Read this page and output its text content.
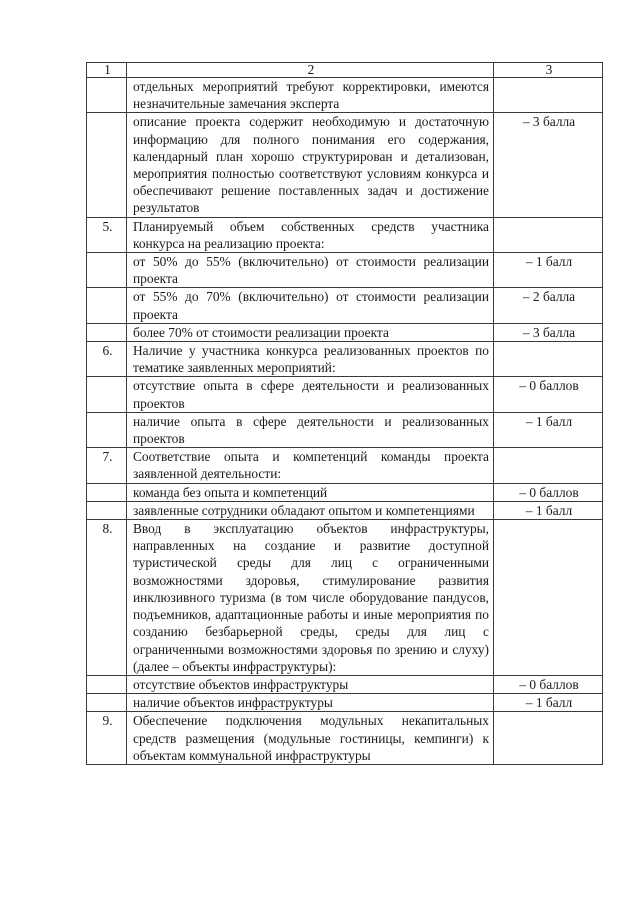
1	2	3
	отдельных мероприятий требуют корректировки, имеются незначительные замечания эксперта	
	описание проекта содержит необходимую и достаточную информацию для полного понимания его содержания, календарный план хорошо структурирован и детализован, мероприятия полностью соответствуют условиям конкурса и обеспечивают решение поставленных задач и достижение результатов	– 3 балла
5.	Планируемый объем собственных средств участника конкурса на реализацию проекта:	
	от 50% до 55% (включительно) от стоимости реализации проекта	– 1 балл
	от 55% до 70% (включительно) от стоимости реализации проекта	– 2 балла
	более 70% от стоимости реализации проекта	– 3 балла
6.	Наличие у участника конкурса реализованных проектов по тематике заявленных мероприятий:	
	отсутствие опыта в сфере деятельности и реализованных проектов	– 0 баллов
	наличие опыта в сфере деятельности и реализованных проектов	– 1 балл
7.	Соответствие опыта и компетенций команды проекта заявленной деятельности:	
	команда без опыта и компетенций	– 0 баллов
	заявленные сотрудники обладают опытом и компетенциями	– 1 балл
8.	Ввод в эксплуатацию объектов инфраструктуры, направленных на создание и развитие доступной туристической среды для лиц с ограниченными возможностями здоровья, стимулирование развития инклюзивного туризма (в том числе оборудование пандусов, подъемников, адаптационные работы и иные мероприятия по созданию безбарьерной среды, среды для лиц с ограниченными возможностями здоровья по зрению и слуху) (далее – объекты инфраструктуры):	
	отсутствие объектов инфраструктуры	– 0 баллов
	наличие объектов инфраструктуры	– 1 балл
9.	Обеспечение подключения модульных некапитальных средств размещения (модульные гостиницы, кемпинги) к объектам коммунальной инфраструктуры	
